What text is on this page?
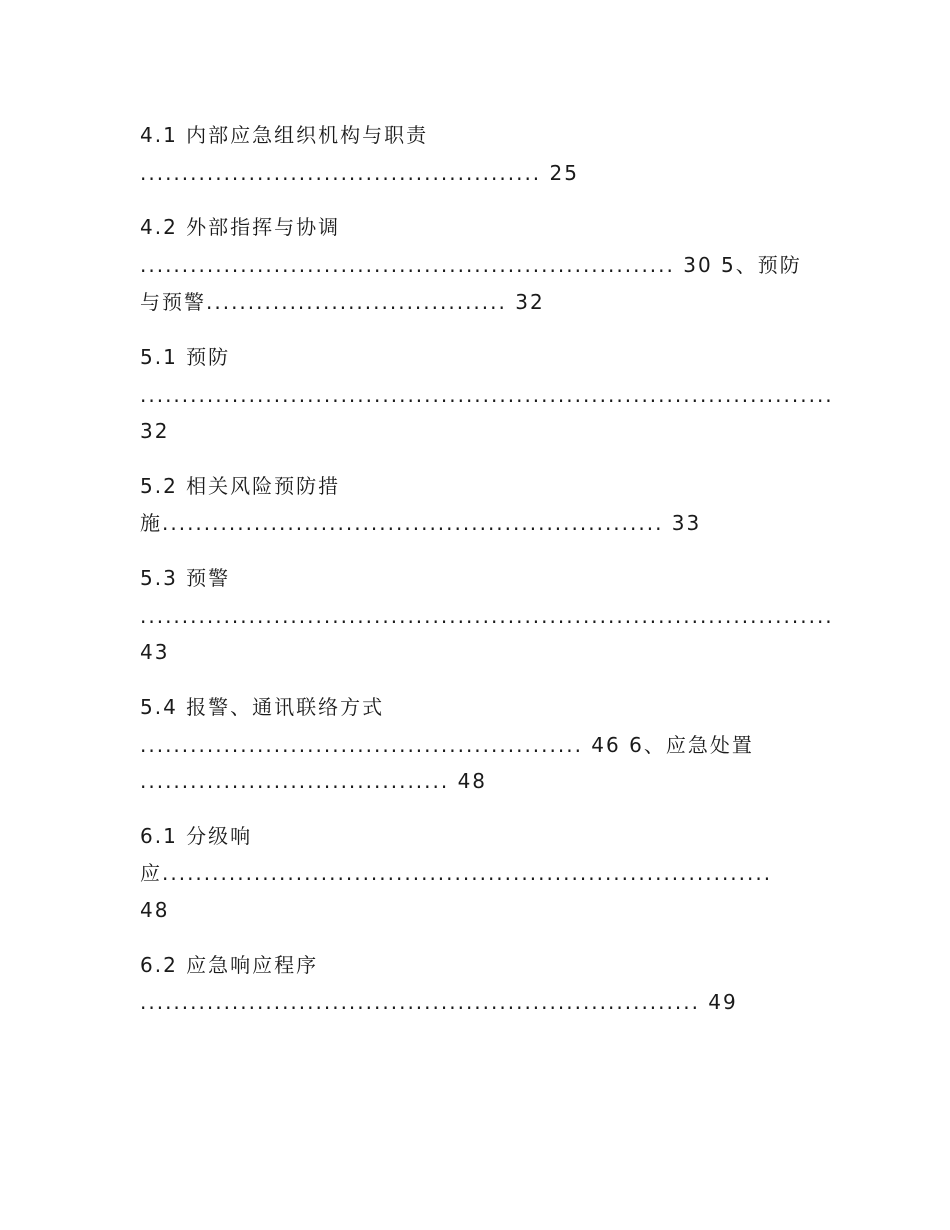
4.1 内部应急组织机构与职责
................................................ 25
4.2 外部指挥与协调
................................................................ 30 5、预防
与预警.................................... 32
5.1 预防
...................................................................................
32
5.2 相关风险预防措
施............................................................ 33
5.3 预警
...................................................................................
43
5.4 报警、通讯联络方式
..................................................... 46 6、应急处置
..................................... 48
6.1 分级响
应.........................................................................
48
6.2 应急响应程序
................................................................... 49
